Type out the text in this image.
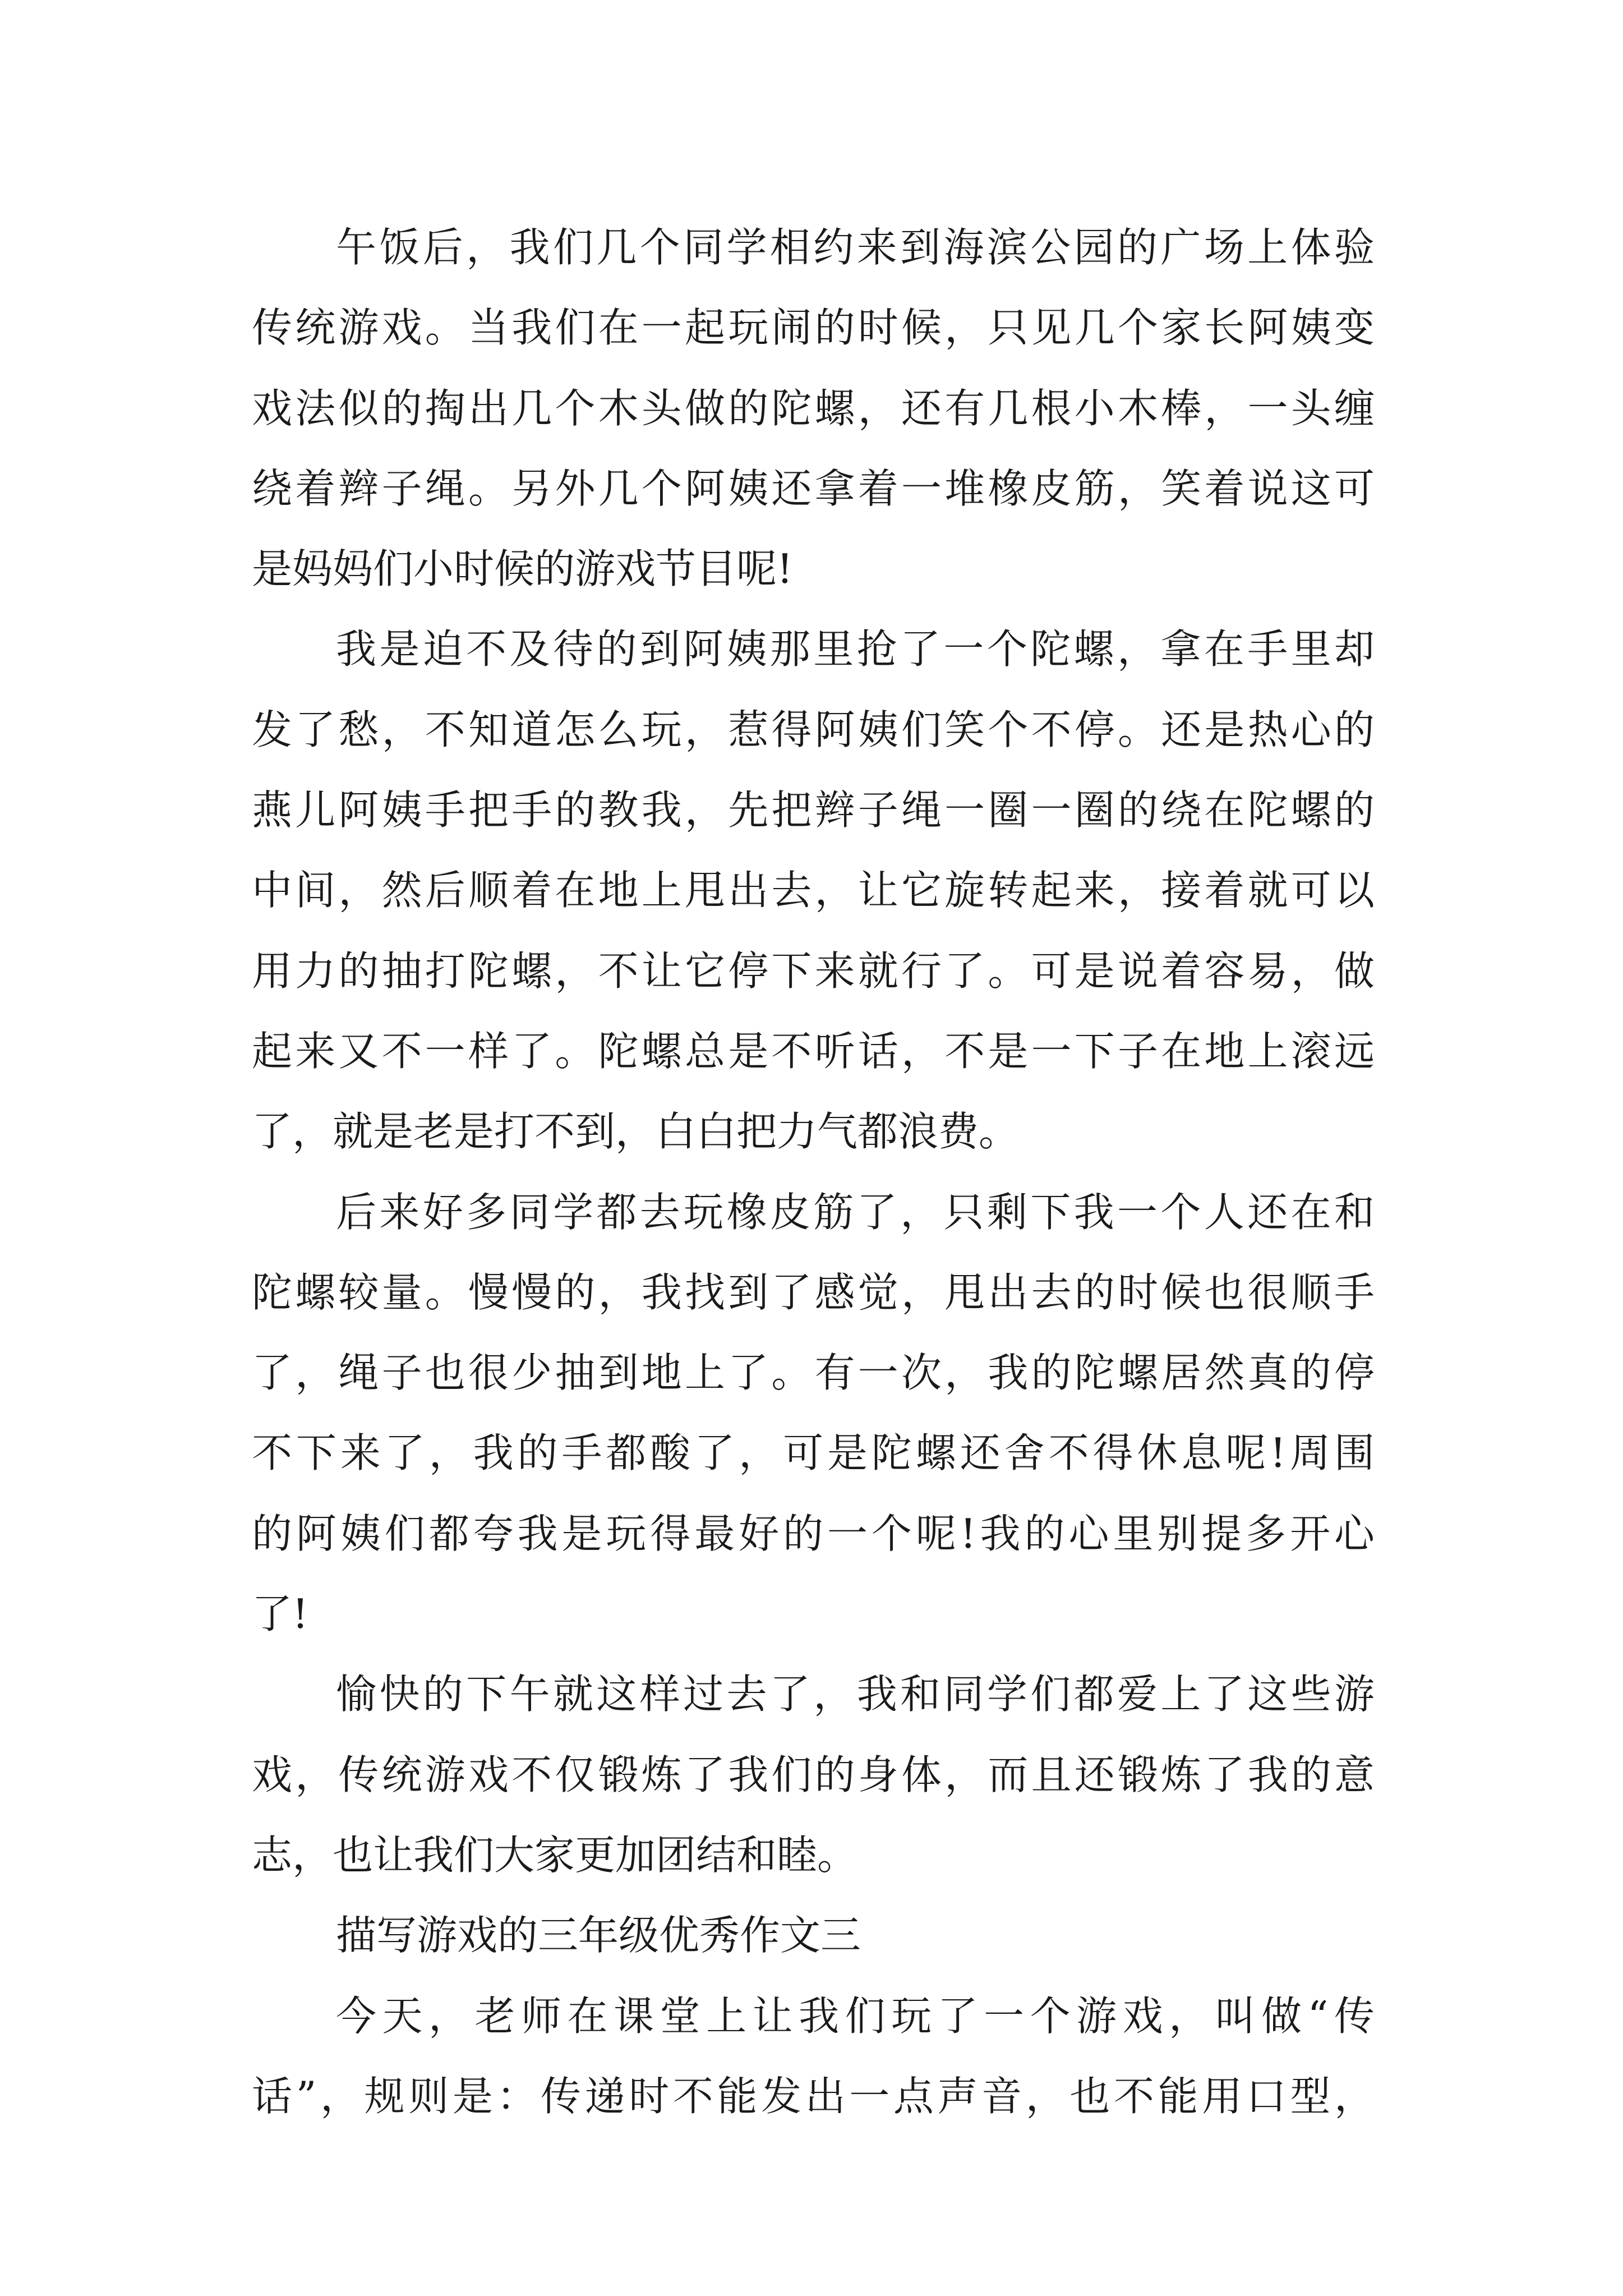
午饭后，我们几个同学相约来到海滨公园的广场上体验
传统游戏。当我们在一起玩闹的时候，只见几个家长阿姨变
戏法似的掏出几个木头做的陀螺，还有几根小木棒，一头缠
绕着辫子绳。另外几个阿姨还拿着一堆橡皮筋，笑着说这可
是妈妈们小时候的游戏节目呢!
我是迫不及待的到阿姨那里抢了一个陀螺，拿在手里却
发了愁，不知道怎么玩，惹得阿姨们笑个不停。还是热心的
燕儿阿姨手把手的教我，先把辫子绳一圈一圈的绕在陀螺的
中间，然后顺着在地上甩出去，让它旋转起来，接着就可以
用力的抽打陀螺，不让它停下来就行了。可是说着容易，做
起来又不一样了。陀螺总是不听话，不是一下子在地上滚远
了，就是老是打不到，白白把力气都浪费。
后来好多同学都去玩橡皮筋了，只剩下我一个人还在和
陀螺较量。慢慢的，我找到了感觉，甩出去的时候也很顺手
了，绳子也很少抽到地上了。有一次，我的陀螺居然真的停
不下来了，我的手都酸了，可是陀螺还舍不得休息呢!周围
的阿姨们都夸我是玩得最好的一个呢!我的心里别提多开心
了!
愉快的下午就这样过去了，我和同学们都爱上了这些游
戏，传统游戏不仅锻炼了我们的身体，而且还锻炼了我的意
志，也让我们大家更加团结和睦。
描写游戏的三年级优秀作文三
今天，老师在课堂上让我们玩了一个游戏，叫做“传
话”，规则是：传递时不能发出一点声音，也不能用口型，
